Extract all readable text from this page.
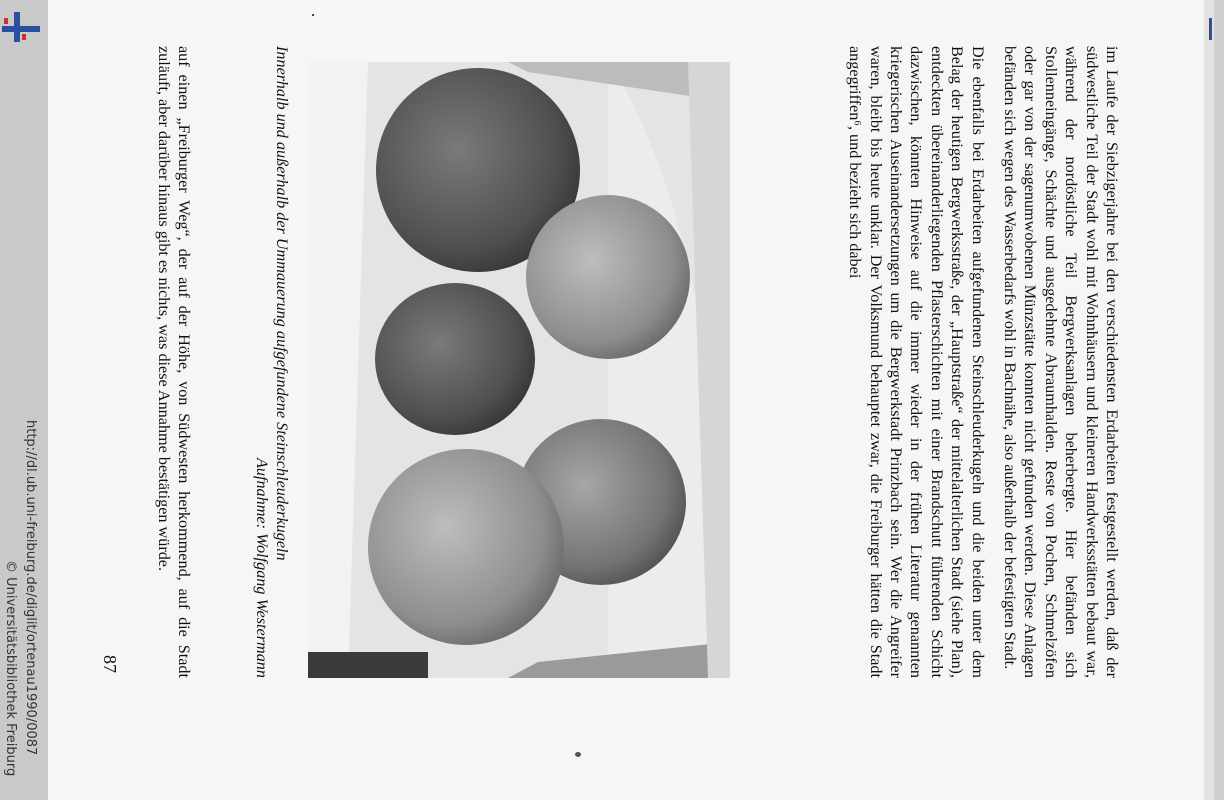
http://dl.ub.uni-freiburg.de/diglit/ortenau1990/0087
© Universitätsbibliothek Freiburg	im Laufe der Siebzigerjahre bei den verschiedensten Erdarbeiten festgestellt werden, daß der südwestliche Teil der Stadt wohl mit Wohnhäusern und kleineren Handwerksstätten bebaut war, während der nordöstliche Teil Bergwerksanlagen beherbergte. Hier befänden sich Stollenneingänge, Schächte und ausgedehnte Abraumhalden. Reste von Pochen, Schmelzöfen oder gar von der sagenumwobenen Münzstätte konnten nicht gefunden werden. Diese Anlagen befänden sich wegen des Wasserbedarfs wohl in Bachnähe, also außerhalb der befestigten Stadt.

Die ebenfalls bei Erdarbeiten aufgefundenen Steinschleuderkugeln und die beiden unter dem Belag der heutigen Bergwerksstraße, der „Hauptstraße“ der mittelalterlichen Stadt (siehe Plan), entdeckten übereinanderliegenden Pflasterschichten mit einer Brandschutt führenden Schicht dazwischen, könnten Hinweise auf die immer wieder in der frühen Literatur genannten kriegerischen Auseinandersetzungen um die Bergwerkstadt Prinzbach sein. Wer die Angreifer waren, bleibt bis heute unklar. Der Volksmund behauptet zwar, die Freiburger hätten die Stadt angegriffen⁶, und bezieht sich dabei

Innerhalb und außerhalb der Ummauerung aufgefundene Steinschleuderkugeln

Aufnahme: Wolfgang Westermann

auf einen „Freiburger Weg“, der auf der Höhe, von Südwesten herkommend, auf die Stadt zuläuft, aber darüber hinaus gibt es nichts, was diese Annahme bestätigen würde.

87
